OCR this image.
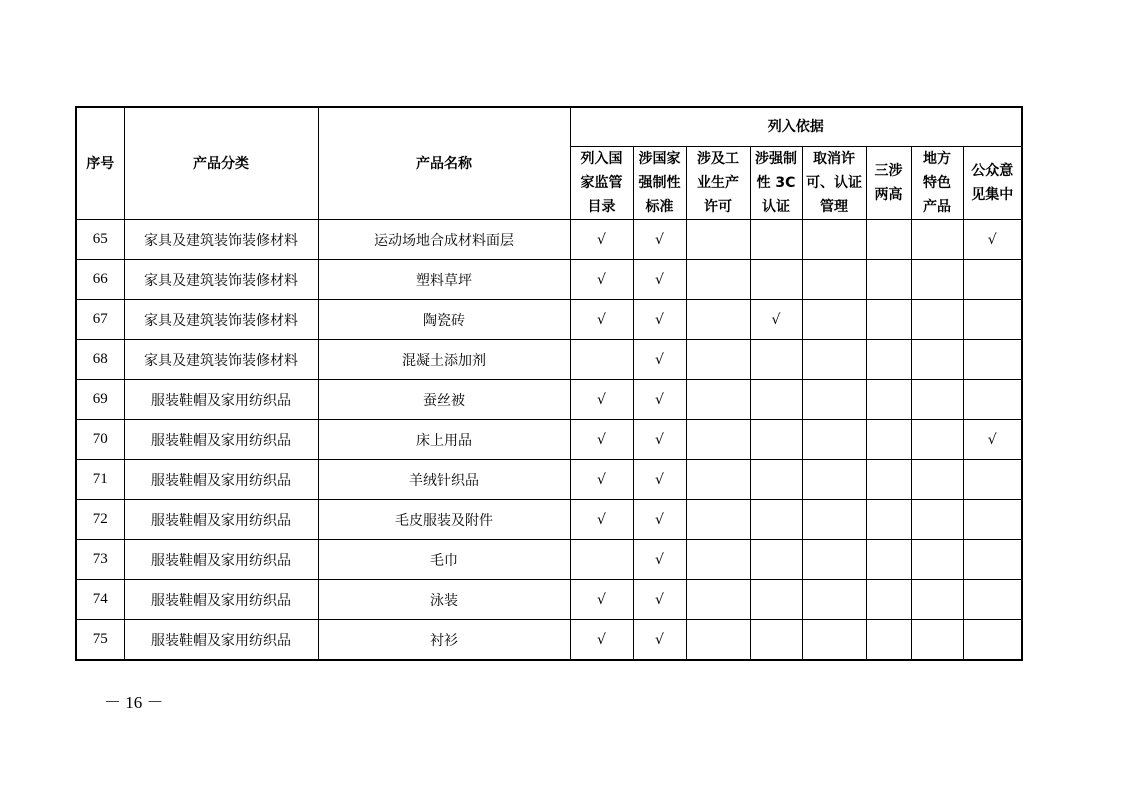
序号	产品分类	产品名称	列入依据							
			列入国
家监管
目录	涉国家
强制性
标准	涉及工
业生产
许可	涉强制
性 3C
认证	取消许
可、认证
管理	三涉
两高	地方
特色
产品	公众意
见集中
65	家具及建筑装饰装修材料	运动场地合成材料面层	√	√						√
66	家具及建筑装饰装修材料	塑料草坪	√	√						
67	家具及建筑装饰装修材料	陶瓷砖	√	√		√				
68	家具及建筑装饰装修材料	混凝土添加剂		√						
69	服装鞋帽及家用纺织品	蚕丝被	√	√						
70	服装鞋帽及家用纺织品	床上用品	√	√						√
71	服装鞋帽及家用纺织品	羊绒针织品	√	√						
72	服装鞋帽及家用纺织品	毛皮服装及附件	√	√						
73	服装鞋帽及家用纺织品	毛巾		√						
74	服装鞋帽及家用纺织品	泳装	√	√						
75	服装鞋帽及家用纺织品	衬衫	√	√						
－ 16 －
